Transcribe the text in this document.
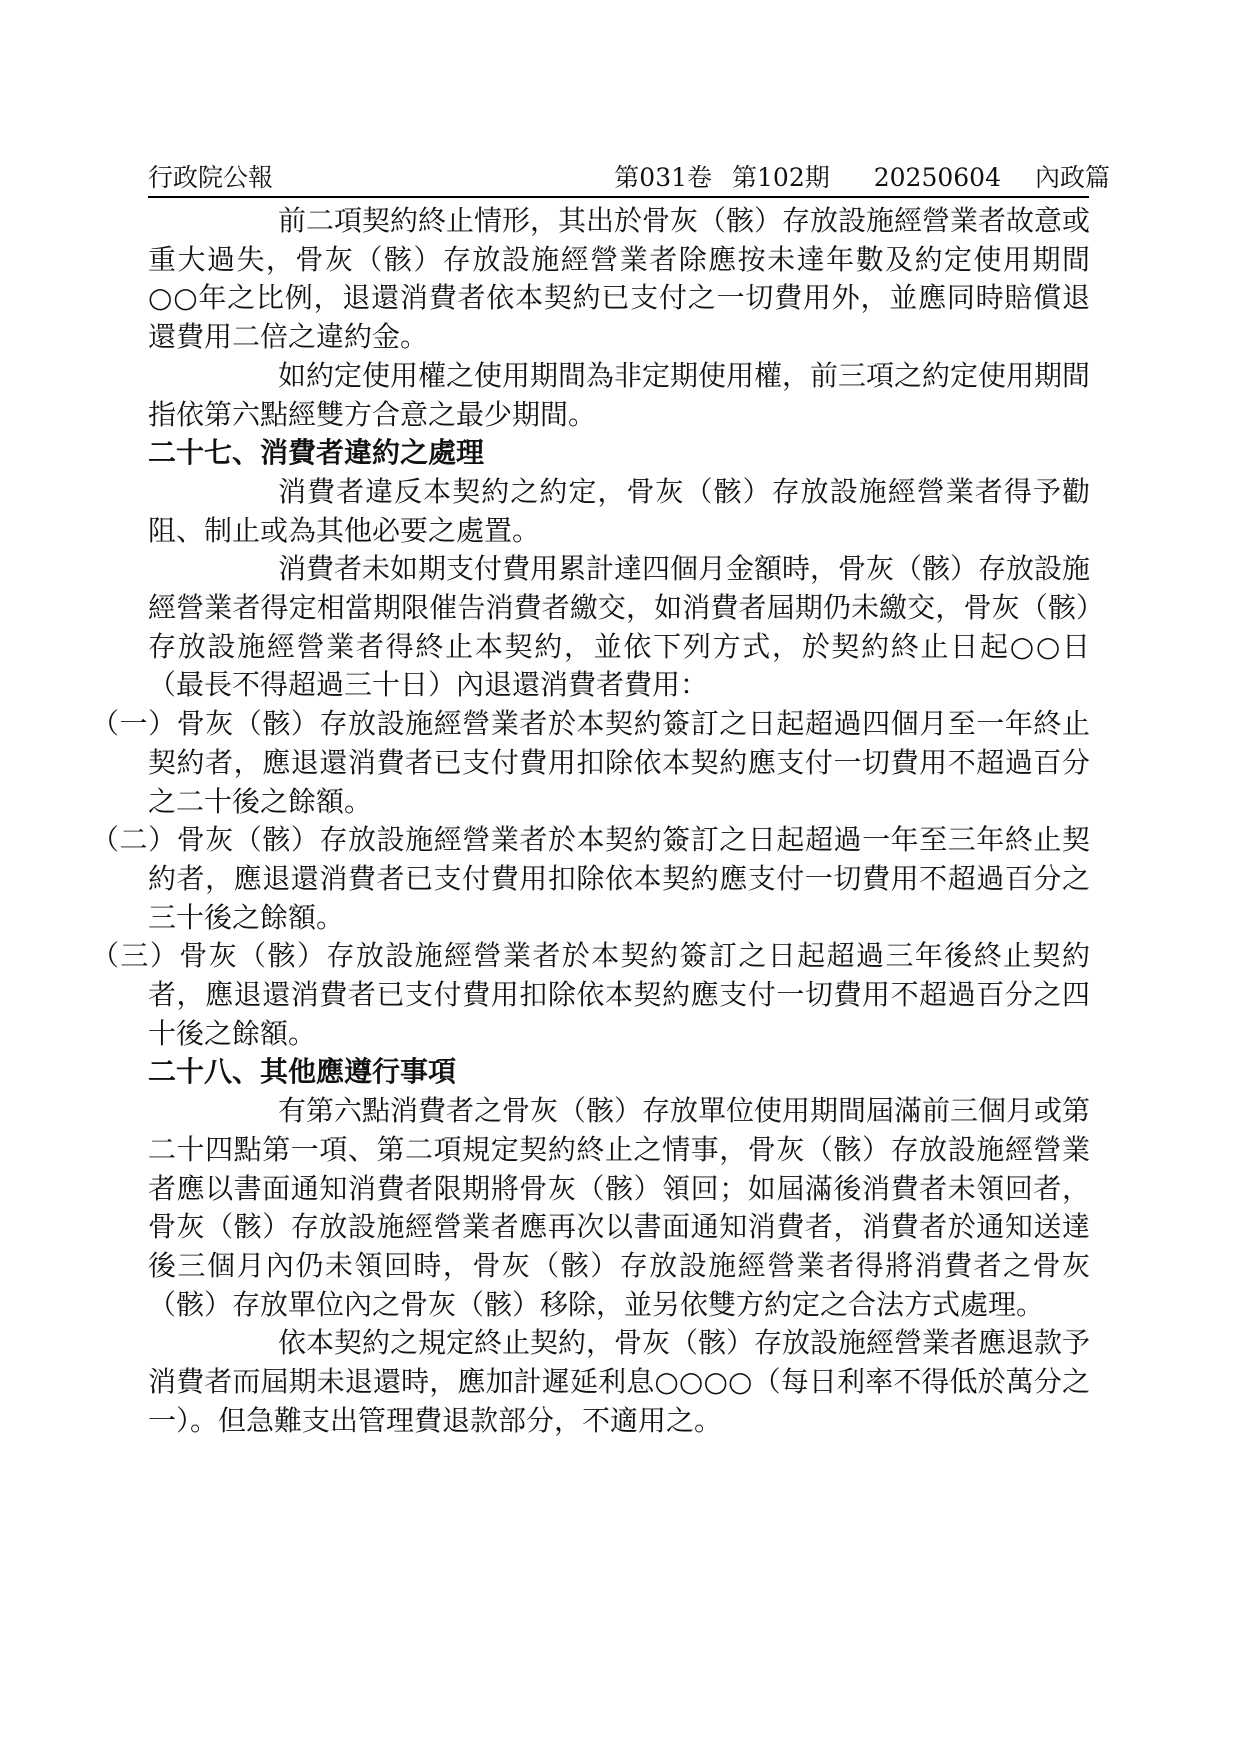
行政院公報	第031卷 第102期 20250604 內政篇

前二項契約終止情形，其出於骨灰（骸）存放設施經營業者故意或重大過失，骨灰（骸）存放設施經營業者除應按未達年數及約定使用期間○○年之比例，退還消費者依本契約已支付之一切費用外，並應同時賠償退還費用二倍之違約金。

如約定使用權之使用期間為非定期使用權，前三項之約定使用期間指依第六點經雙方合意之最少期間。

二十七、消費者違約之處理

消費者違反本契約之約定，骨灰（骸）存放設施經營業者得予勸阻、制止或為其他必要之處置。

消費者未如期支付費用累計達四個月金額時，骨灰（骸）存放設施經營業者得定相當期限催告消費者繳交，如消費者屆期仍未繳交，骨灰（骸）存放設施經營業者得終止本契約，並依下列方式，於契約終止日起○○日（最長不得超過三十日）內退還消費者費用：

（一）骨灰（骸）存放設施經營業者於本契約簽訂之日起超過四個月至一年終止契約者，應退還消費者已支付費用扣除依本契約應支付一切費用不超過百分之二十後之餘額。

（二）骨灰（骸）存放設施經營業者於本契約簽訂之日起超過一年至三年終止契約者，應退還消費者已支付費用扣除依本契約應支付一切費用不超過百分之三十後之餘額。

（三）骨灰（骸）存放設施經營業者於本契約簽訂之日起超過三年後終止契約者，應退還消費者已支付費用扣除依本契約應支付一切費用不超過百分之四十後之餘額。

二十八、其他應遵行事項

有第六點消費者之骨灰（骸）存放單位使用期間屆滿前三個月或第二十四點第一項、第二項規定契約終止之情事，骨灰（骸）存放設施經營業者應以書面通知消費者限期將骨灰（骸）領回；如屆滿後消費者未領回者，骨灰（骸）存放設施經營業者應再次以書面通知消費者，消費者於通知送達後三個月內仍未領回時，骨灰（骸）存放設施經營業者得將消費者之骨灰（骸）存放單位內之骨灰（骸）移除，並另依雙方約定之合法方式處理。

依本契約之規定終止契約，骨灰（骸）存放設施經營業者應退款予消費者而屆期未退還時，應加計遲延利息○○○○（每日利率不得低於萬分之一）。但急難支出管理費退款部分，不適用之。
